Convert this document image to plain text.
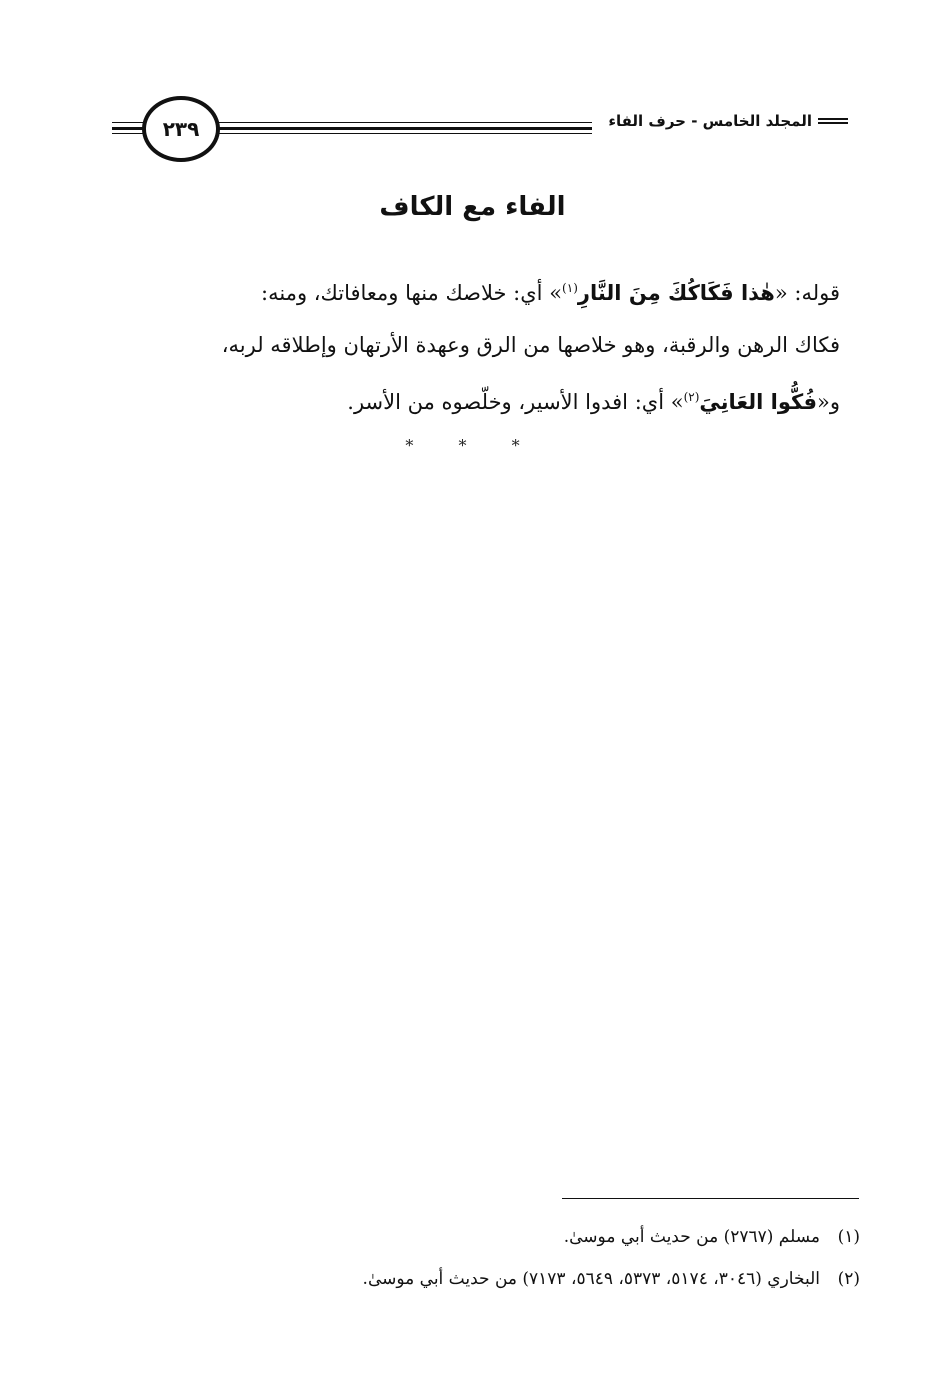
المجلد الخامس - حرف الفاء
٢٣٩
الفاء مع الكاف
قوله: «هٰذا فَكَاكُكَ مِنَ النَّارِ$^{(١)}$» أي: خلاصك منها ومعافاتك، ومنه:
فكاك الرهن والرقبة، وهو خلاصها من الرق وعهدة الأرتهان وإطلاقه لربه،
و«فُكُّوا العَانِيَ$^{(٢)}$» أي: افدوا الأسير، وخلّصوه من الأسر.
* * *
(١)مسلم (٢٧٦٧) من حديث أبي موسىٰ.
(٢)البخاري (٣٠٤٦، ٥١٧٤، ٥٣٧٣، ٥٦٤٩، ٧١٧٣) من حديث أبي موسىٰ.
